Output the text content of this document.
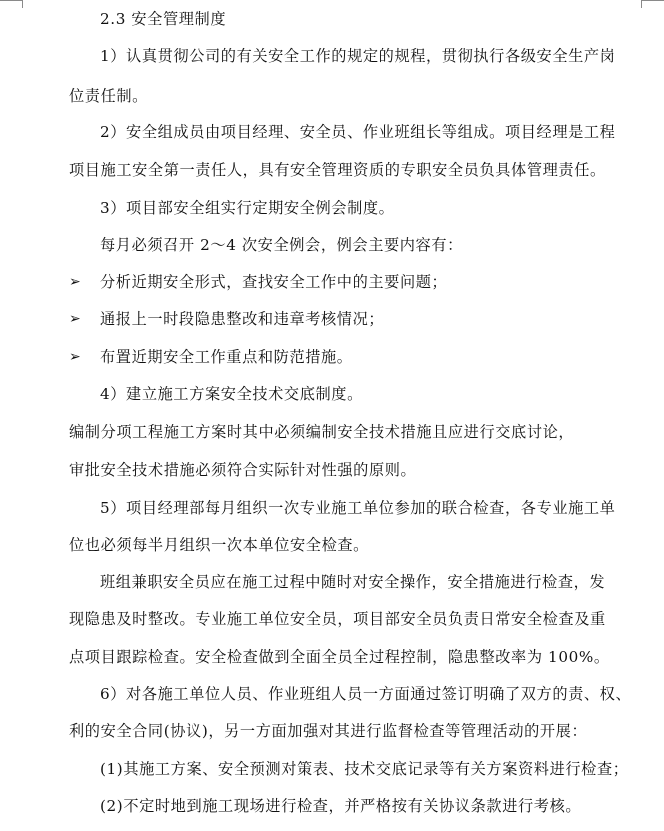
2.3 安全管理制度
1）认真贯彻公司的有关安全工作的规定的规程，贯彻执行各级安全生产岗
位责任制。
2）安全组成员由项目经理、安全员、作业班组长等组成。项目经理是工程
项目施工安全第一责任人，具有安全管理资质的专职安全员负具体管理责任。
3）项目部安全组实行定期安全例会制度。
每月必须召开 2～4 次安全例会，例会主要内容有：
➢ 分析近期安全形式，查找安全工作中的主要问题；
➢ 通报上一时段隐患整改和违章考核情况；
➢ 布置近期安全工作重点和防范措施。
4）建立施工方案安全技术交底制度。
编制分项工程施工方案时其中必须编制安全技术措施且应进行交底讨论，
审批安全技术措施必须符合实际针对性强的原则。
5）项目经理部每月组织一次专业施工单位参加的联合检查，各专业施工单
位也必须每半月组织一次本单位安全检查。
班组兼职安全员应在施工过程中随时对安全操作，安全措施进行检查，发
现隐患及时整改。专业施工单位安全员，项目部安全员负责日常安全检查及重
点项目跟踪检查。安全检查做到全面全员全过程控制，隐患整改率为 100%。
6）对各施工单位人员、作业班组人员一方面通过签订明确了双方的责、权、
利的安全合同(协议)，另一方面加强对其进行监督检查等管理活动的开展：
(1)其施工方案、安全预测对策表、技术交底记录等有关方案资料进行检查；
(2)不定时地到施工现场进行检查，并严格按有关协议条款进行考核。
